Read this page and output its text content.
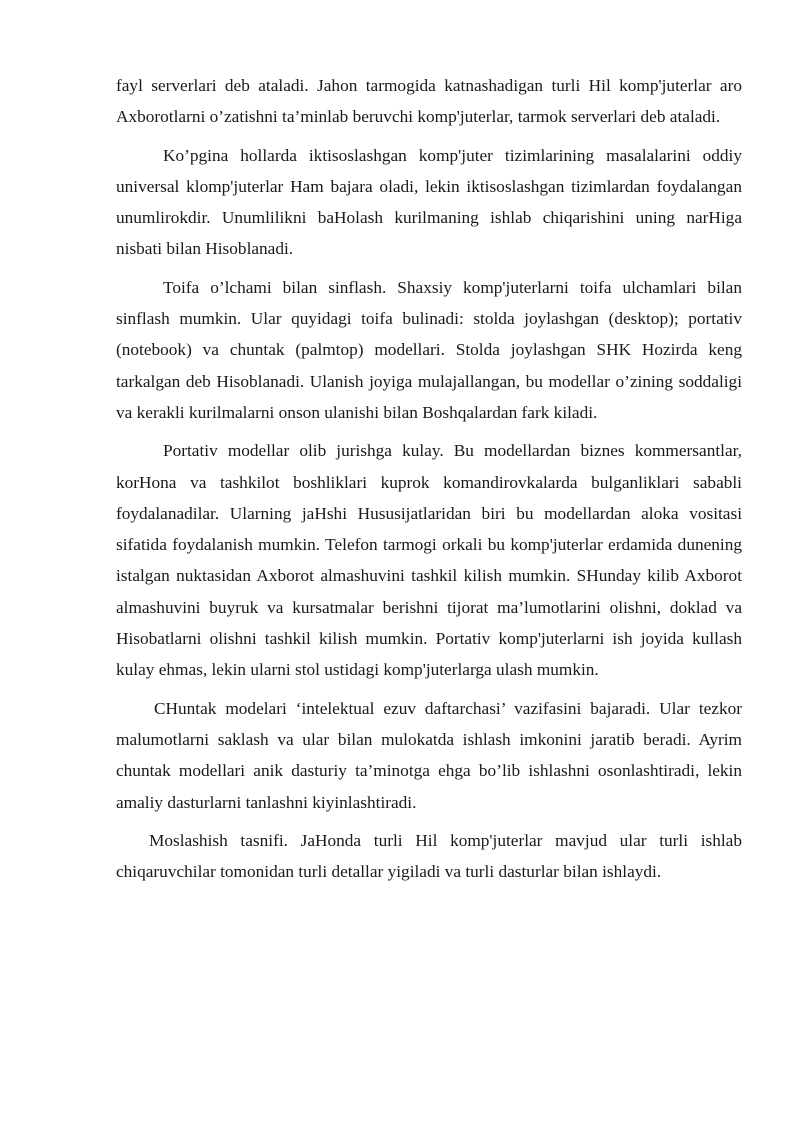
fayl serverlari deb ataladi. Jahon tarmogida katnashadigan turli Hil komp'juterlar aro Axborotlarni o’zatishni ta’minlab beruvchi komp'juterlar, tarmok serverlari deb ataladi.

Ko’pgina hollarda iktisoslashgan komp'juter tizimlarining masalalarini oddiy universal klomp'juterlar Ham bajara oladi, lekin iktisoslashgan tizimlardan foydalangan unumlirokdir. Unumlilikni baHolash kurilmaning ishlab chiqarishini uning narHiga nisbati bilan Hisoblanadi.

Toifa o’lchami bilan sinflash. Shaxsiy komp'juterlarni toifa ulchamlari bilan sinflash mumkin. Ular quyidagi toifa bulinadi: stolda joylashgan (desktop); portativ (notebook) va chuntak (palmtop) modellari. Stolda joylashgan SHK Hozirda keng tarkalgan deb Hisoblanadi. Ulanish joyiga mulajallangan, bu modellar o’zining soddaligi va kerakli kurilmalarni onson ulanishi bilan Boshqalardan fark kiladi.

Portativ modellar olib jurishga kulay. Bu modellardan biznes kommersantlar, korHona va tashkilot boshliklari kuprok komandirovkalarda bulganliklari sababli foydalanadilar. Ularning jaHshi Hususijatlaridan biri bu modellardan aloka vositasi sifatida foydalanish mumkin. Telefon tarmogi orkali bu komp'juterlar erdamida dunening istalgan nuktasidan Axborot almashuvini tashkil kilish mumkin. SHunday kilib Axborot almashuvini buyruk va kursatmalar berishni tijorat ma’lumotlarini olishni, doklad va Hisobatlarni olishni tashkil kilish mumkin. Portativ komp'juterlarni ish joyida kullash kulay ehmas, lekin ularni stol ustidagi komp'juterlarga ulash mumkin.

CHuntak modelari ‘intelektual ezuv daftarchasi’ vazifasini bajaradi. Ular tezkor malumotlarni saklash va ular bilan mulokatda ishlash imkonini jaratib beradi. Ayrim chuntak modellari anik dasturiy ta’minotga ehga bo’lib ishlashni osonlashtiradi, lekin amaliy dasturlarni tanlashni kiyinlashtiradi.

Moslashish tasnifi. JaHonda turli Hil komp'juterlar mavjud ular turli ishlab chiqaruvchilar tomonidan turli detallar yigiladi va turli dasturlar bilan ishlaydi.
